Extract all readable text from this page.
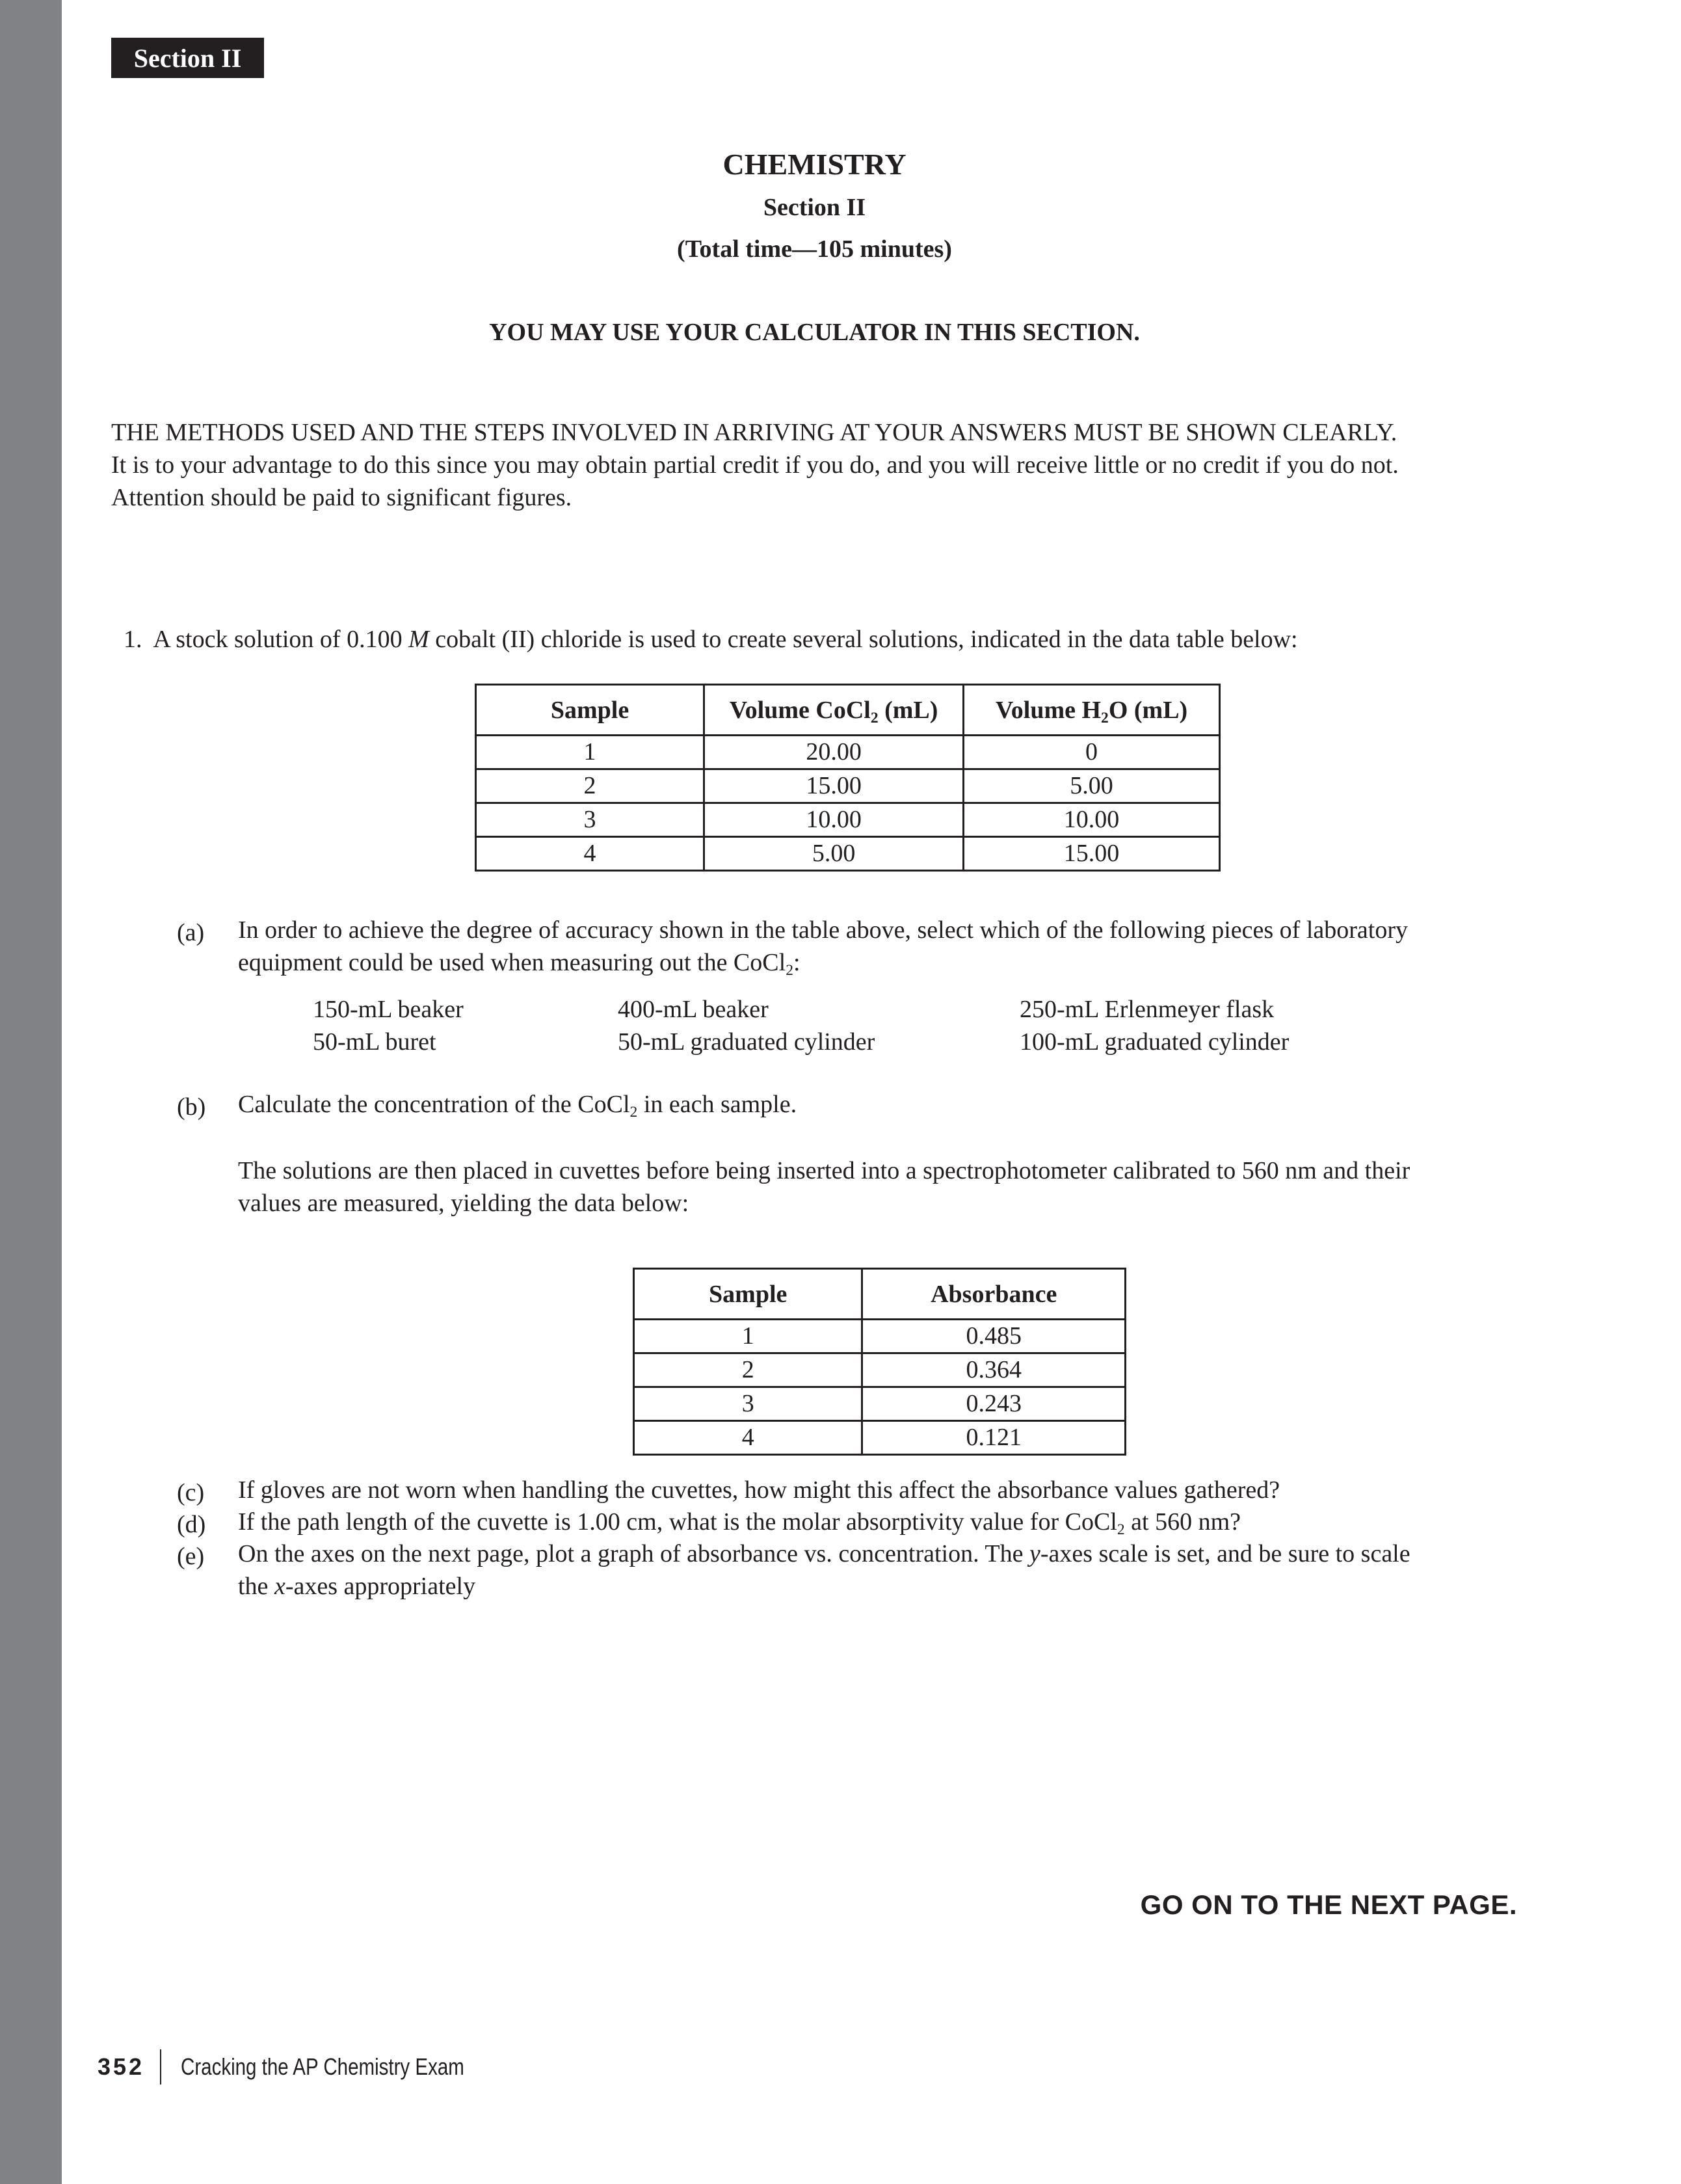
Section II
CHEMISTRY
Section II
(Total time—105 minutes)
YOU MAY USE YOUR CALCULATOR IN THIS SECTION.
THE METHODS USED AND THE STEPS INVOLVED IN ARRIVING AT YOUR ANSWERS MUST BE SHOWN CLEARLY.
It is to your advantage to do this since you may obtain partial credit if you do, and you will receive little or no credit if you do not.
Attention should be paid to significant figures.
1. A stock solution of 0.100 M cobalt (II) chloride is used to create several solutions, indicated in the data table below:
Sample	Volume CoCl$_2$ (mL)	Volume $H_2O$ (mL)
1	20.00	0
2	15.00	5.00
3	10.00	10.00
4	5.00	15.00
(a) In order to achieve the degree of accuracy shown in the table above, select which of the following pieces of laboratory
equipment could be used when measuring out the CoCl$_2$:
150-mL beaker	400-mL beaker	250-mL Erlenmeyer flask
50-mL buret	50-mL graduated cylinder	100-mL graduated cylinder
(b) Calculate the concentration of the CoCl$_2$ in each sample.
The solutions are then placed in cuvettes before being inserted into a spectrophotometer calibrated to 560 nm and their
values are measured, yielding the data below:
Sample	Absorbance
1	0.485
2	0.364
3	0.243
4	0.121
(c) If gloves are not worn when handling the cuvettes, how might this affect the absorbance values gathered?
(d) If the path length of the cuvette is 1.00 cm, what is the molar absorptivity value for CoCl$_2$ at 560 nm?
(e) On the axes on the next page, plot a graph of absorbance vs. concentration. The y-axes scale is set, and be sure to scale
the x-axes appropriately
GO ON TO THE NEXT PAGE.
352 Cracking the AP Chemistry Exam
